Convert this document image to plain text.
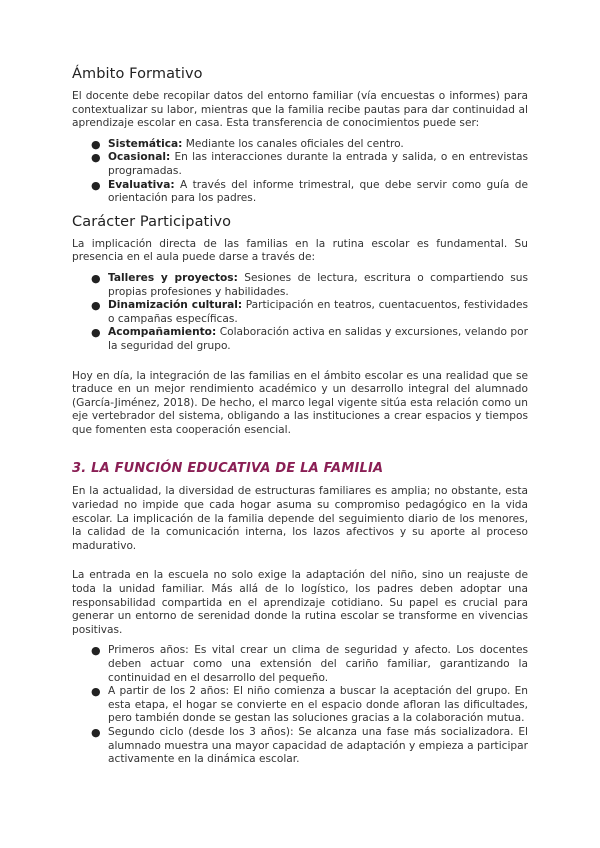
Ámbito Formativo

El docente debe recopilar datos del entorno familiar (vía encuestas o informes) para contextualizar su labor, mientras que la familia recibe pautas para dar continuidad al aprendizaje escolar en casa. Esta transferencia de conocimientos puede ser:

● Sistemática: Mediante los canales oficiales del centro.
● Ocasional: En las interacciones durante la entrada y salida, o en entrevistas programadas.
● Evaluativa: A través del informe trimestral, que debe servir como guía de orientación para los padres.
Carácter Participativo

La implicación directa de las familias en la rutina escolar es fundamental. Su presencia en el aula puede darse a través de:

● Talleres y proyectos: Sesiones de lectura, escritura o compartiendo sus propias profesiones y habilidades.
● Dinamización cultural: Participación en teatros, cuentacuentos, festividades o campañas específicas.
● Acompañamiento: Colaboración activa en salidas y excursiones, velando por la seguridad del grupo.

Hoy en día, la integración de las familias en el ámbito escolar es una realidad que se traduce en un mejor rendimiento académico y un desarrollo integral del alumnado (García-Jiménez, 2018). De hecho, el marco legal vigente sitúa esta relación como un eje vertebrador del sistema, obligando a las instituciones a crear espacios y tiempos que fomenten esta cooperación esencial.

3. LA FUNCIÓN EDUCATIVA DE LA FAMILIA

En la actualidad, la diversidad de estructuras familiares es amplia; no obstante, esta variedad no impide que cada hogar asuma su compromiso pedagógico en la vida escolar. La implicación de la familia depende del seguimiento diario de los menores, la calidad de la comunicación interna, los lazos afectivos y su aporte al proceso madurativo.

La entrada en la escuela no solo exige la adaptación del niño, sino un reajuste de toda la unidad familiar. Más allá de lo logístico, los padres deben adoptar una responsabilidad compartida en el aprendizaje cotidiano. Su papel es crucial para generar un entorno de serenidad donde la rutina escolar se transforme en vivencias positivas.

● Primeros años: Es vital crear un clima de seguridad y afecto. Los docentes deben actuar como una extensión del cariño familiar, garantizando la continuidad en el desarrollo del pequeño.
● A partir de los 2 años: El niño comienza a buscar la aceptación del grupo. En esta etapa, el hogar se convierte en el espacio donde afloran las dificultades, pero también donde se gestan las soluciones gracias a la colaboración mutua.
● Segundo ciclo (desde los 3 años): Se alcanza una fase más socializadora. El alumnado muestra una mayor capacidad de adaptación y empieza a participar activamente en la dinámica escolar.
